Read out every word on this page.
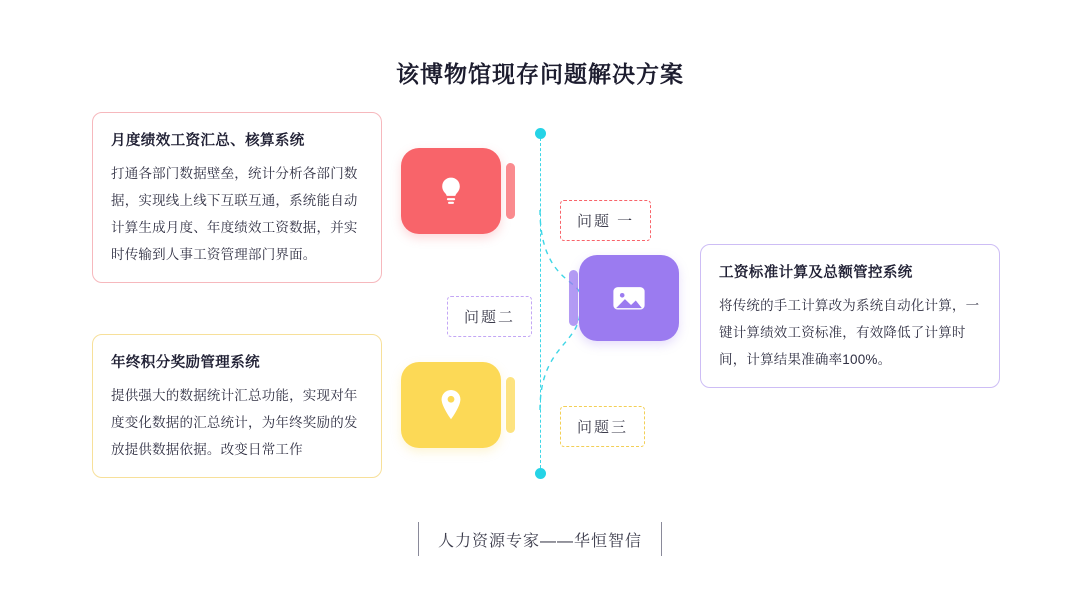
该博物馆现存问题解决方案
问题 一
问题二
问题三
月度绩效工资汇总、核算系统
打通各部门数据壁垒，统计分析各部门数据，实现线上线下互联互通，系统能自动计算生成月度、年度绩效工资数据，并实时传输到人事工资管理部门界面。
工资标准计算及总额管控系统
将传统的手工计算改为系统自动化计算，一键计算绩效工资标准，有效降低了计算时间，计算结果准确率100%。
年终积分奖励管理系统
提供强大的数据统计汇总功能，实现对年度变化数据的汇总统计，为年终奖励的发放提供数据依据。改变日常工作
人力资源专家——华恒智信
